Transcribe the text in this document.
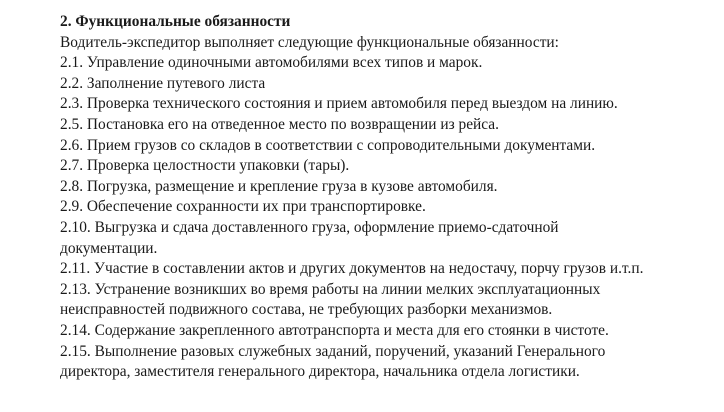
2. Функциональные обязанности

Водитель-экспедитор выполняет следующие функциональные обязанности:

2.1. Управление одиночными автомобилями всех типов и марок.
2.2. Заполнение путевого листа
2.3. Проверка технического состояния и прием автомобиля перед выездом на линию.
2.5. Постановка его на отведенное место по возвращении из рейса.
2.6. Прием грузов со складов в соответствии с сопроводительными документами.
2.7. Проверка целостности упаковки (тары).
2.8. Погрузка, размещение и крепление груза в кузове автомобиля.
2.9. Обеспечение сохранности их при транспортировке.
2.10. Выгрузка и сдача доставленного груза, оформление приемо-сдаточной
документации.
2.11. Участие в составлении актов и других документов на недостачу, порчу грузов и.т.п.
2.13. Устранение возникших во время работы на линии мелких эксплуатационных
неисправностей подвижного состава, не требующих разборки механизмов.
2.14. Содержание закрепленного автотранспорта и места для его стоянки в чистоте.
2.15. Выполнение разовых служебных заданий, поручений, указаний Генерального
директора, заместителя генерального директора, начальника отдела логистики.
